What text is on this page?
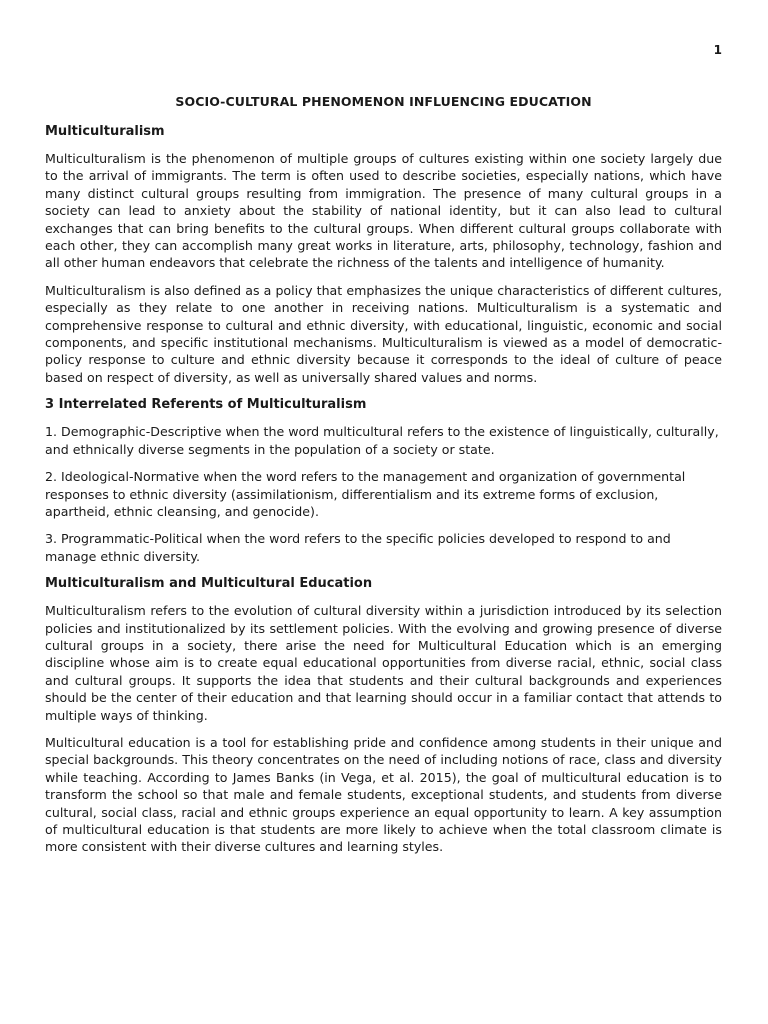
1

SOCIO-CULTURAL PHENOMENON INFLUENCING EDUCATION
Multiculturalism

Multiculturalism is the phenomenon of multiple groups of cultures existing within one society largely due to the arrival of immigrants. The term is often used to describe societies, especially nations, which have many distinct cultural groups resulting from immigration. The presence of many cultural groups in a society can lead to anxiety about the stability of national identity, but it can also lead to cultural exchanges that can bring benefits to the cultural groups. When different cultural groups collaborate with each other, they can accomplish many great works in literature, arts, philosophy, technology, fashion and all other human endeavors that celebrate the richness of the talents and intelligence of humanity.

Multiculturalism is also defined as a policy that emphasizes the unique characteristics of different cultures, especially as they relate to one another in receiving nations. Multiculturalism is a systematic and comprehensive response to cultural and ethnic diversity, with educational, linguistic, economic and social components, and specific institutional mechanisms. Multiculturalism is viewed as a model of democratic-policy response to culture and ethnic diversity because it corresponds to the ideal of culture of peace based on respect of diversity, as well as universally shared values and norms.

3 Interrelated Referents of Multiculturalism

1. Demographic-Descriptive when the word multicultural refers to the existence of linguistically, culturally, and ethnically diverse segments in the population of a society or state.

2. Ideological-Normative when the word refers to the management and organization of governmental responses to ethnic diversity (assimilationism, differentialism and its extreme forms of exclusion, apartheid, ethnic cleansing, and genocide).

3. Programmatic-Political when the word refers to the specific policies developed to respond to and manage ethnic diversity.

Multiculturalism and Multicultural Education

Multiculturalism refers to the evolution of cultural diversity within a jurisdiction introduced by its selection policies and institutionalized by its settlement policies. With the evolving and growing presence of diverse cultural groups in a society, there arise the need for Multicultural Education which is an emerging discipline whose aim is to create equal educational opportunities from diverse racial, ethnic, social class and cultural groups. It supports the idea that students and their cultural backgrounds and experiences should be the center of their education and that learning should occur in a familiar contact that attends to multiple ways of thinking.

Multicultural education is a tool for establishing pride and confidence among students in their unique and special backgrounds. This theory concentrates on the need of including notions of race, class and diversity while teaching. According to James Banks (in Vega, et al. 2015), the goal of multicultural education is to transform the school so that male and female students, exceptional students, and students from diverse cultural, social class, racial and ethnic groups experience an equal opportunity to learn. A key assumption of multicultural education is that students are more likely to achieve when the total classroom climate is more consistent with their diverse cultures and learning styles.
